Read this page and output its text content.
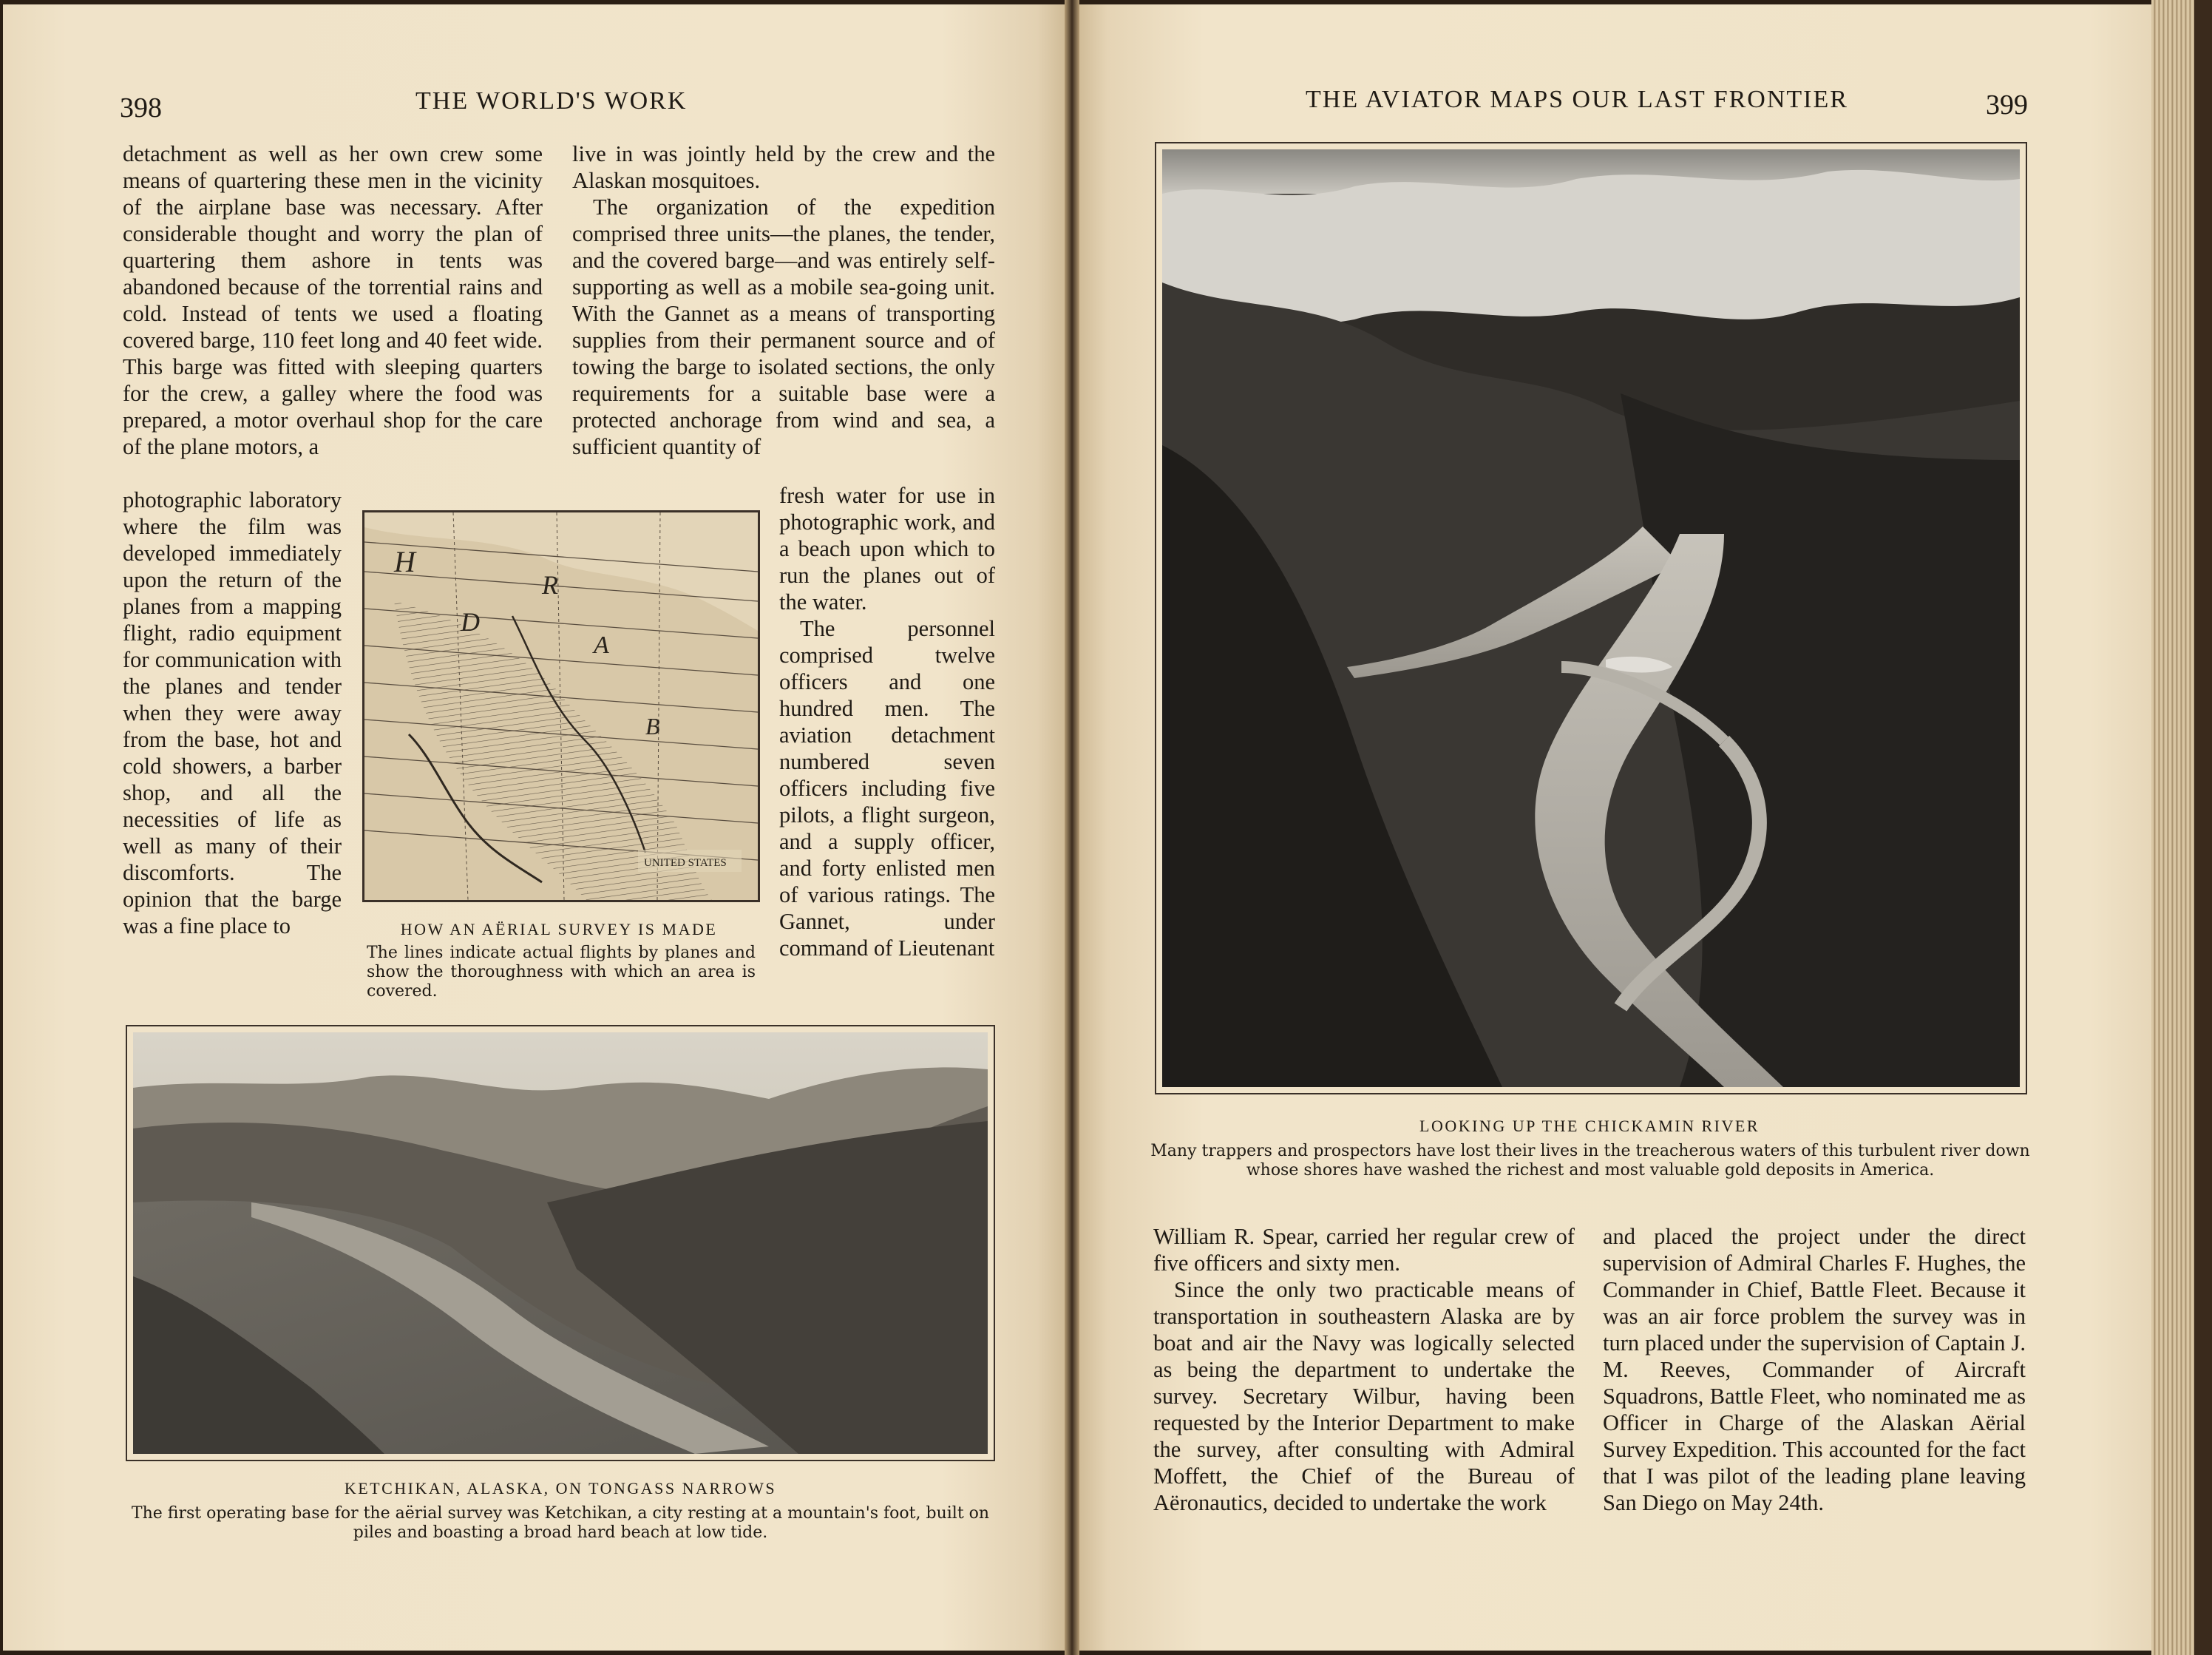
398	THE WORLD'S WORK

detachment as well as her own crew some means of quartering these men in the vicinity of the airplane base was necessary. After considerable thought and worry the plan of quartering them ashore in tents was abandoned because of the torrential rains and cold. Instead of tents we used a floating covered barge, 110 feet long and 40 feet wide. This barge was fitted with sleeping quarters for the crew, a galley where the food was prepared, a motor overhaul shop for the care of the plane motors, a

photographic laboratory where the film was developed immediately upon the return of the planes from a mapping flight, radio equipment for communication with the planes and tender when they were away from the base, hot and cold showers, a barber shop, and all the necessities of life as well as many of their discomforts. The opinion that the barge was a fine place to

live in was jointly held by the crew and the Alaskan mosquitoes.

The organization of the expedition comprised three units—the planes, the tender, and the covered barge—and was entirely self-supporting as well as a mobile sea-going unit. With the Gannet as a means of transporting supplies from their permanent source and of towing the barge to isolated sections, the only requirements for a suitable base were a protected anchorage from wind and sea, a sufficient quantity of

fresh water for use in photographic work, and a beach upon which to run the planes out of the water.

The personnel comprised twelve officers and one hundred men. The aviation detachment numbered seven officers including five pilots, a flight surgeon, and a supply officer, and forty enlisted men of various ratings. The Gannet, under command of Lieutenant

H
D
R
A
B
UNITED STATES
HOW AN AËRIAL SURVEY IS MADE
The lines indicate actual flights by planes and show the thoroughness with which an area is covered.
KETCHIKAN, ALASKA, ON TONGASS NARROWS
The first operating base for the aërial survey was Ketchikan, a city resting at a mountain's foot, built on piles and boasting a broad hard beach at low tide.
THE AVIATOR MAPS OUR LAST FRONTIER	399
LOOKING UP THE CHICKAMIN RIVER
Many trappers and prospectors have lost their lives in the treacherous waters of this turbulent river down whose shores have washed the richest and most valuable gold deposits in America.

William R. Spear, carried her regular crew of five officers and sixty men.

Since the only two practicable means of transportation in southeastern Alaska are by boat and air the Navy was logically selected as being the department to undertake the survey. Secretary Wilbur, having been requested by the Interior Department to make the survey, after consulting with Admiral Moffett, the Chief of the Bureau of Aëronautics, decided to undertake the work

and placed the project under the direct supervision of Admiral Charles F. Hughes, the Commander in Chief, Battle Fleet. Because it was an air force problem the survey was in turn placed under the supervision of Captain J. M. Reeves, Commander of Aircraft Squadrons, Battle Fleet, who nominated me as Officer in Charge of the Alaskan Aërial Survey Expedition. This accounted for the fact that I was pilot of the leading plane leaving San Diego on May 24th.
